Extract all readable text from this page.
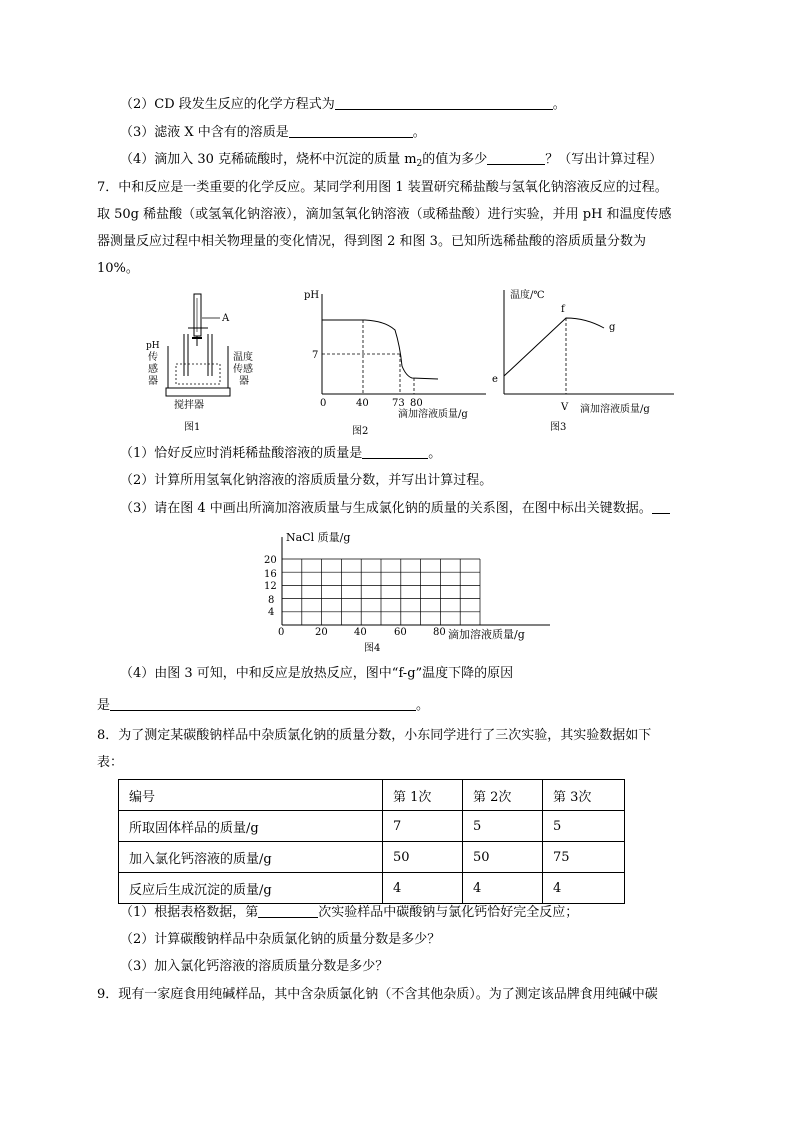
（2）CD 段发生反应的化学方程式为	。
（3）滤液 X 中含有的溶质是	。
（4）滴加入 30 克稀硫酸时，烧杯中沉淀的质量 $m_2$的值为多少	？（写出计算过程）
7．中和反应是一类重要的化学反应。某同学利用图 1 装置研究稀盐酸与氢氧化钠溶液反应的过程。
取 50g 稀盐酸（或氢氧化钠溶液），滴加氢氧化钠溶液（或稀盐酸）进行实验，并用 pH 和温度传感
器测量反应过程中相关物理量的变化情况，得到图 2 和图 3。已知所选稀盐酸的溶质质量分数为
10%。
A
pH
传
感
器
温度
传感
器
搅拌器
图1
pH
7
0	40 73 80
滴加溶液质量/g
图2
温度/℃
e
f
g
V 滴加溶液质量/g
图3
（1）恰好反应时消耗稀盐酸溶液的质量是	。
（2）计算所用氢氧化钠溶液的溶质质量分数，并写出计算过程。
（3）请在图 4 中画出所滴加溶液质量与生成氯化钠的质量的关系图，在图中标出关键数据。
NaCl 质量/g
20
16
12
8
4
0	20	40	60	80 滴加溶液质量/g
图4
（4）由图 3 可知，中和反应是放热反应，图中“f-g”温度下降的原因
是	。
8．为了测定某碳酸钠样品中杂质氯化钠的质量分数，小东同学进行了三次实验，其实验数据如下
表：
编号	第 1次	第 2次	第 3次
所取固体样品的质量/g	7	5	5
加入氯化钙溶液的质量/g	50	50	75
反应后生成沉淀的质量/g	4	4	4
（1）根据表格数据，第	次实验样品中碳酸钠与氯化钙恰好完全反应；
（2）计算碳酸钠样品中杂质氯化钠的质量分数是多少？
（3）加入氯化钙溶液的溶质质量分数是多少？
9．现有一家庭食用纯碱样品，其中含杂质氯化钠（不含其他杂质）。为了测定该品牌食用纯碱中碳
